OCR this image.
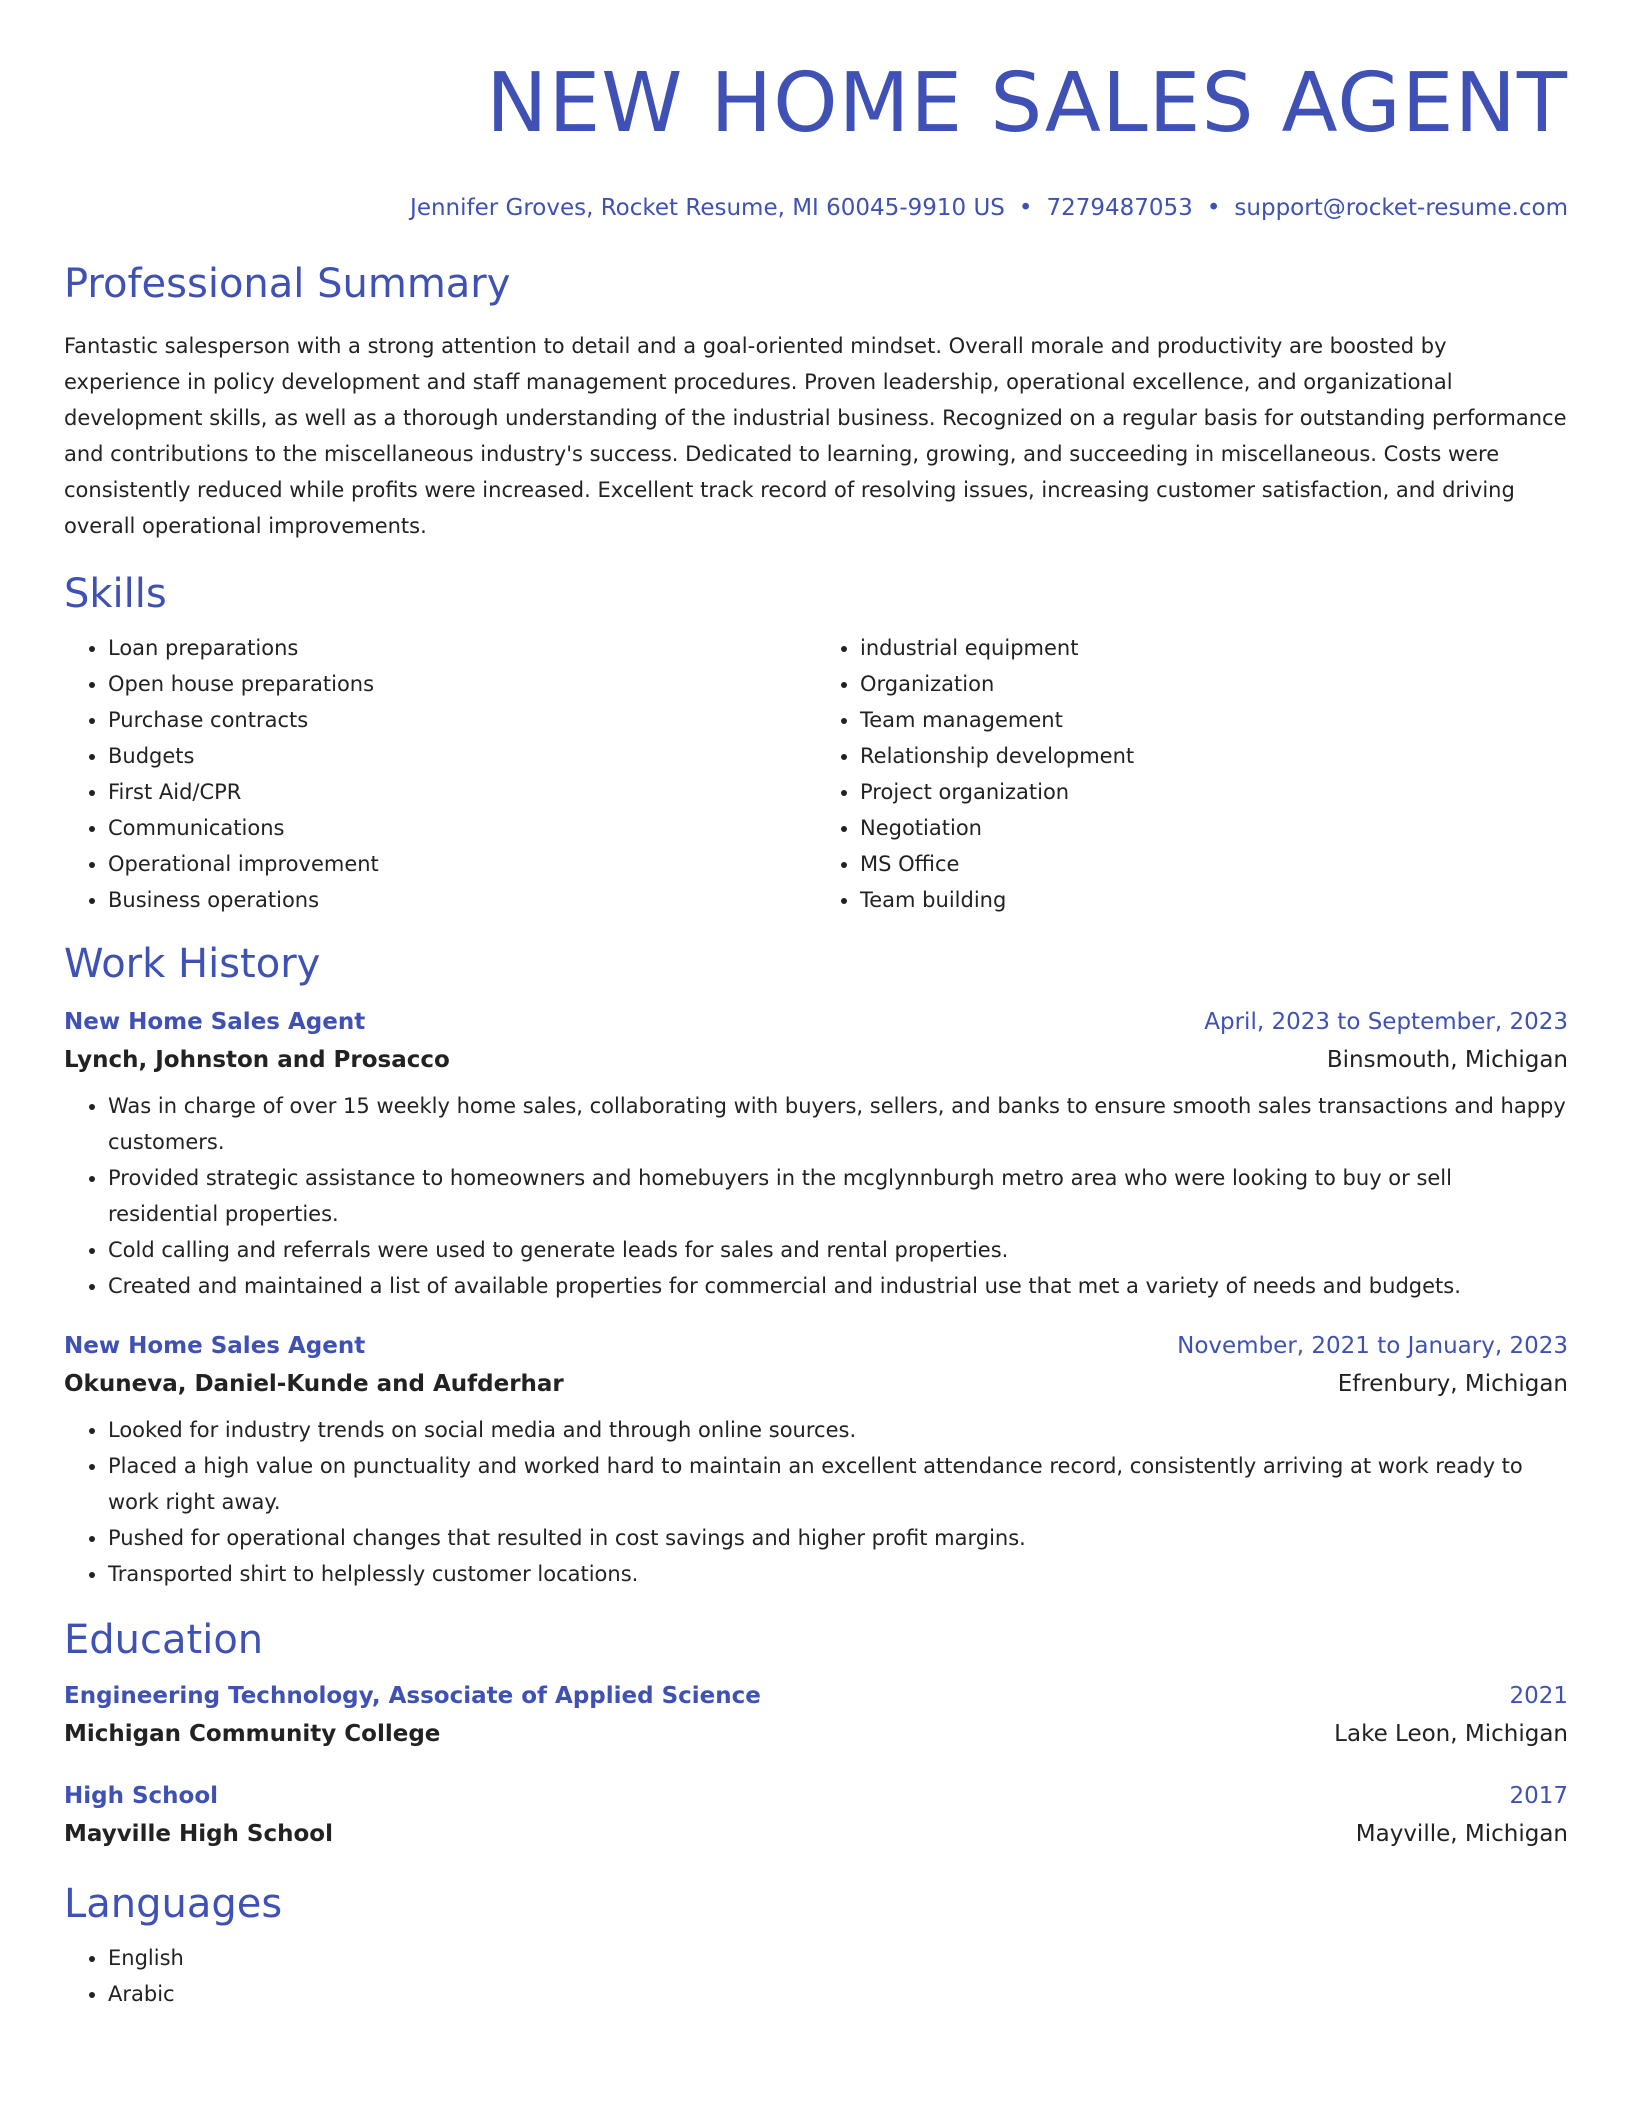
NEW HOME SALES AGENT
Jennifer Groves, Rocket Resume, MI 60045-9910 US • 7279487053 • support@rocket-resume.com
Professional Summary

Fantastic salesperson with a strong attention to detail and a goal-oriented mindset. Overall morale and productivity are boosted by experience in policy development and staff management procedures. Proven leadership, operational excellence, and organizational development skills, as well as a thorough understanding of the industrial business. Recognized on a regular basis for outstanding performance and contributions to the miscellaneous industry's success. Dedicated to learning, growing, and succeeding in miscellaneous. Costs were consistently reduced while profits were increased. Excellent track record of resolving issues, increasing customer satisfaction, and driving overall operational improvements.

Skills
• Loan preparations
• Open house preparations
• Purchase contracts
• Budgets
• First Aid/CPR
• Communications
• Operational improvement
• Business operations
• industrial equipment
• Organization
• Team management
• Relationship development
• Project organization
• Negotiation
• MS Office
• Team building
Work History
New Home Sales Agent	April, 2023 to September, 2023
Lynch, Johnston and Prosacco	Binsmouth, Michigan
• Was in charge of over 15 weekly home sales, collaborating with buyers, sellers, and banks to ensure smooth sales transactions and happy customers.
• Provided strategic assistance to homeowners and homebuyers in the mcglynnburgh metro area who were looking to buy or sell residential properties.
• Cold calling and referrals were used to generate leads for sales and rental properties.
• Created and maintained a list of available properties for commercial and industrial use that met a variety of needs and budgets.
New Home Sales Agent	November, 2021 to January, 2023
Okuneva, Daniel-Kunde and Aufderhar	Efrenbury, Michigan
• Looked for industry trends on social media and through online sources.
• Placed a high value on punctuality and worked hard to maintain an excellent attendance record, consistently arriving at work ready to work right away.
• Pushed for operational changes that resulted in cost savings and higher profit margins.
• Transported shirt to helplessly customer locations.
Education
Engineering Technology, Associate of Applied Science	2021
Michigan Community College	Lake Leon, Michigan
High School	2017
Mayville High School	Mayville, Michigan
Languages
• English
• Arabic
